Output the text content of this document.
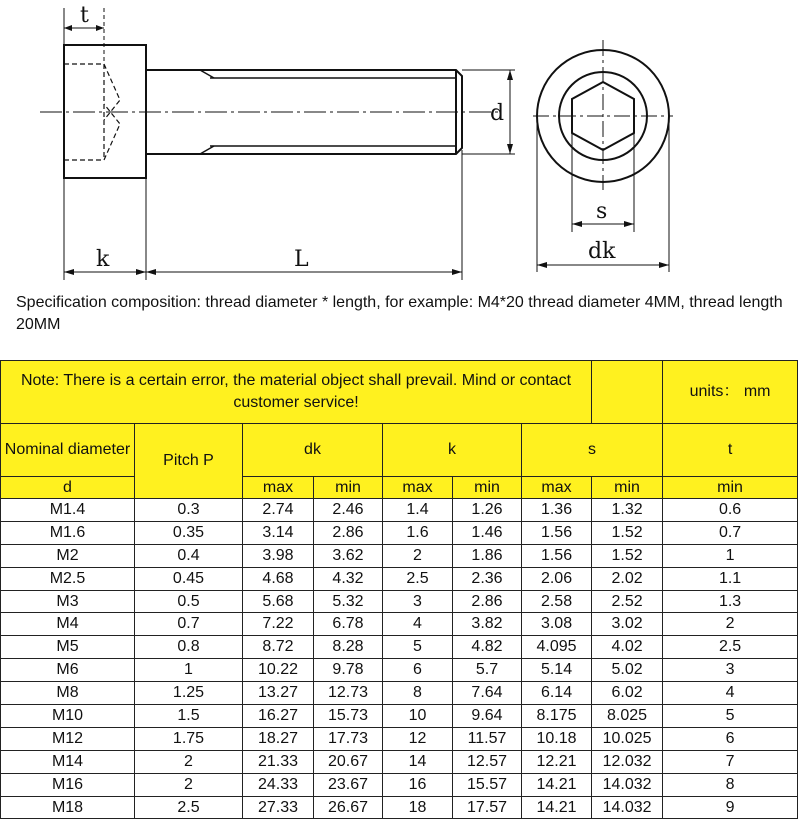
t
d
k	L
s
dk
Specification composition: thread diameter * length, for example: M4*20 thread diameter 4MM, thread length 20MM
Note: There is a certain error, the material object shall prevail. Mind or contact customer service!								units： mm
Nominal diameter	Pitch P	dk		k		s		t
d		max	min	max	min	max	min	min
M1.4	0.3	2.74	2.46	1.4	1.26	1.36	1.32	0.6
M1.6	0.35	3.14	2.86	1.6	1.46	1.56	1.52	0.7
M2	0.4	3.98	3.62	2	1.86	1.56	1.52	1
M2.5	0.45	4.68	4.32	2.5	2.36	2.06	2.02	1.1
M3	0.5	5.68	5.32	3	2.86	2.58	2.52	1.3
M4	0.7	7.22	6.78	4	3.82	3.08	3.02	2
M5	0.8	8.72	8.28	5	4.82	4.095	4.02	2.5
M6	1	10.22	9.78	6	5.7	5.14	5.02	3
M8	1.25	13.27	12.73	8	7.64	6.14	6.02	4
M10	1.5	16.27	15.73	10	9.64	8.175	8.025	5
M12	1.75	18.27	17.73	12	11.57	10.18	10.025	6
M14	2	21.33	20.67	14	12.57	12.21	12.032	7
M16	2	24.33	23.67	16	15.57	14.21	14.032	8
M18	2.5	27.33	26.67	18	17.57	14.21	14.032	9
